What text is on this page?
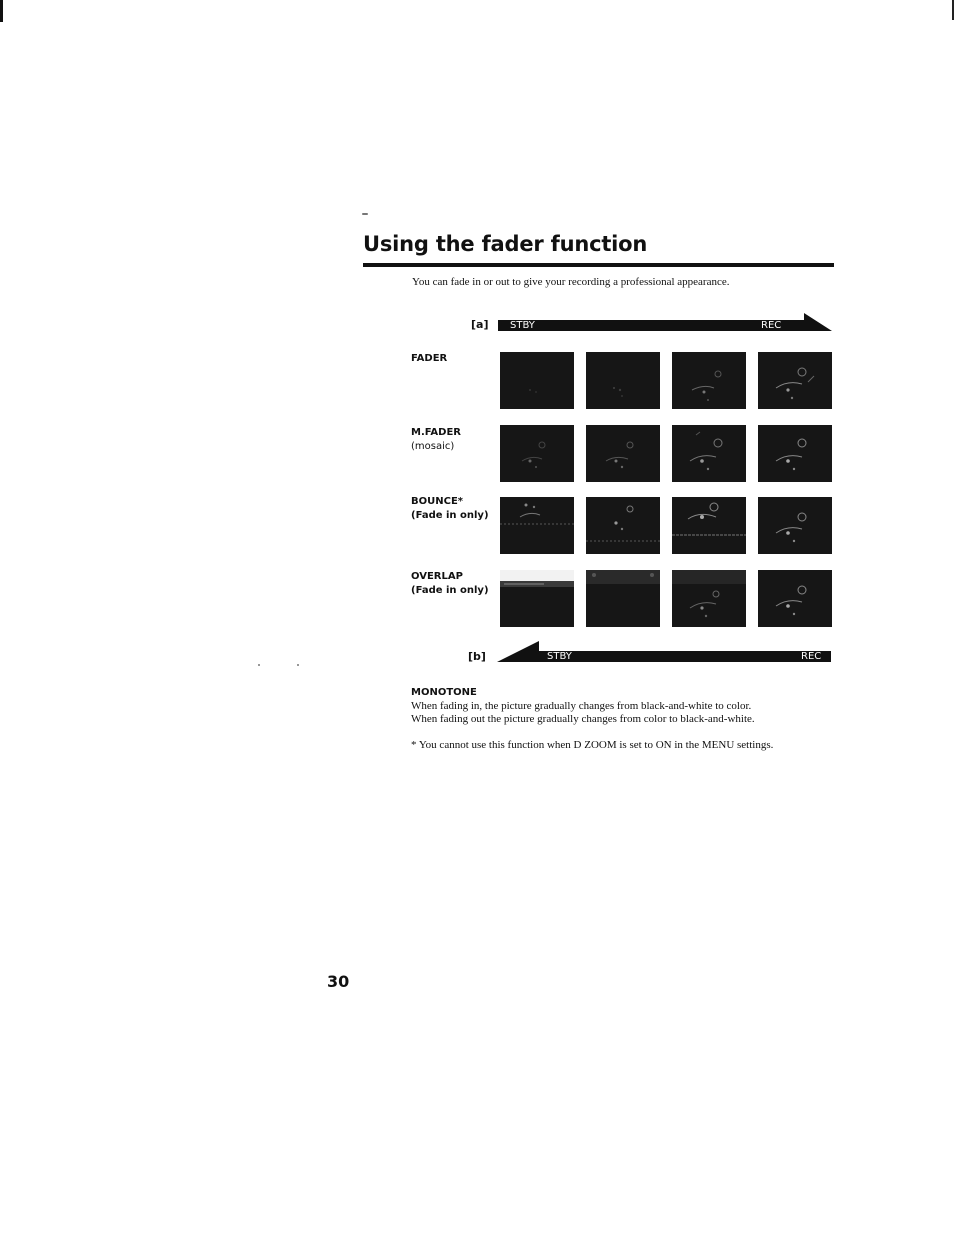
Using the fader function
You can fade in or out to give your recording a professional appearance.
[a] STBY	REC
FADER
M.FADER
(mosaic)
BOUNCE*
(Fade in only)
OVERLAP
(Fade in only)
[b]	STBY	REC
MONOTONE
When fading in, the picture gradually changes from black-and-white to color.
When fading out the picture gradually changes from color to black-and-white.
* You cannot use this function when D ZOOM is set to ON in the MENU settings.
30
